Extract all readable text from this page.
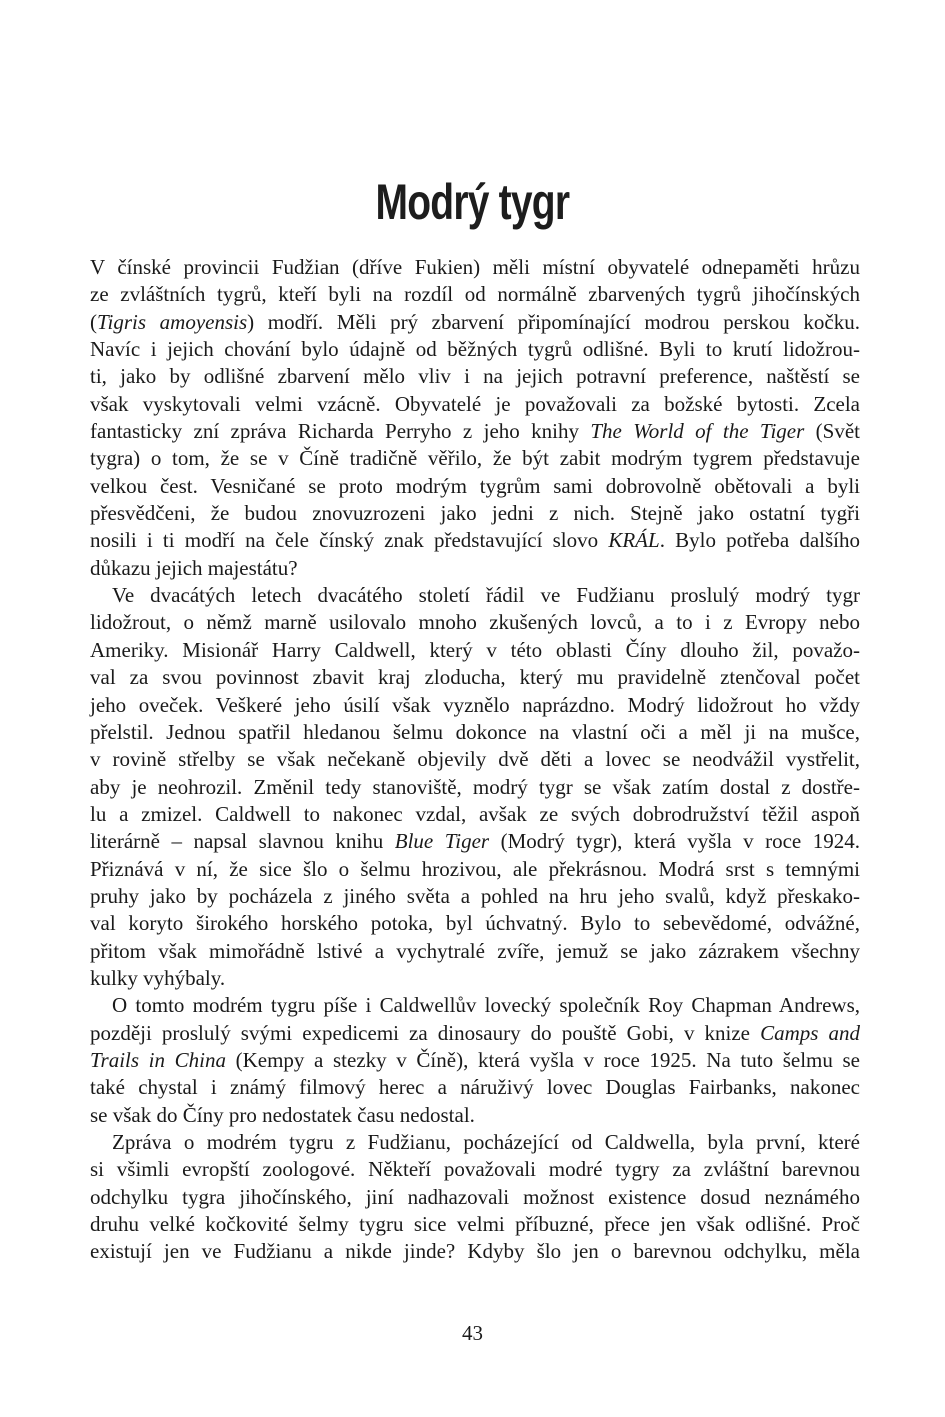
Modrý tygr
V čínské provincii Fudžian (dříve Fukien) měli místní obyvatelé odnepaměti hrůzu
ze zvláštních tygrů, kteří byli na rozdíl od normálně zbarvených tygrů jihočínských
(Tigris amoyensis) modří. Měli prý zbarvení připomínající modrou perskou kočku.
Navíc i jejich chování bylo údajně od běžných tygrů odlišné. Byli to krutí lidožrou-
ti, jako by odlišné zbarvení mělo vliv i na jejich potravní preference, naštěstí se
však vyskytovali velmi vzácně. Obyvatelé je považovali za božské bytosti. Zcela
fantasticky zní zpráva Richarda Perryho z jeho knihy The World of the Tiger (Svět
tygra) o tom, že se v Číně tradičně věřilo, že být zabit modrým tygrem představuje
velkou čest. Vesničané se proto modrým tygrům sami dobrovolně obětovali a byli
přesvědčeni, že budou znovuzrozeni jako jedni z nich. Stejně jako ostatní tygři
nosili i ti modří na čele čínský znak představující slovo KRÁL. Bylo potřeba dalšího
důkazu jejich majestátu?
Ve dvacátých letech dvacátého století řádil ve Fudžianu proslulý modrý tygr
lidožrout, o němž marně usilovalo mnoho zkušených lovců, a to i z Evropy nebo
Ameriky. Misionář Harry Caldwell, který v této oblasti Číny dlouho žil, považo-
val za svou povinnost zbavit kraj zloducha, který mu pravidelně ztenčoval počet
jeho oveček. Veškeré jeho úsilí však vyznělo naprázdno. Modrý lidožrout ho vždy
přelstil. Jednou spatřil hledanou šelmu dokonce na vlastní oči a měl ji na mušce,
v rovině střelby se však nečekaně objevily dvě děti a lovec se neodvážil vystřelit,
aby je neohrozil. Změnil tedy stanoviště, modrý tygr se však zatím dostal z dostře-
lu a zmizel. Caldwell to nakonec vzdal, avšak ze svých dobrodružství těžil aspoň
literárně – napsal slavnou knihu Blue Tiger (Modrý tygr), která vyšla v roce 1924.
Přiznává v ní, že sice šlo o šelmu hrozivou, ale překrásnou. Modrá srst s temnými
pruhy jako by pocházela z jiného světa a pohled na hru jeho svalů, když přeskako-
val koryto širokého horského potoka, byl úchvatný. Bylo to sebevědomé, odvážné,
přitom však mimořádně lstivé a vychytralé zvíře, jemuž se jako zázrakem všechny
kulky vyhýbaly.
O tomto modrém tygru píše i Caldwellův lovecký společník Roy Chapman Andrews,
později proslulý svými expedicemi za dinosaury do pouště Gobi, v knize Camps and
Trails in China (Kempy a stezky v Číně), která vyšla v roce 1925. Na tuto šelmu se
také chystal i známý filmový herec a náruživý lovec Douglas Fairbanks, nakonec
se však do Číny pro nedostatek času nedostal.
Zpráva o modrém tygru z Fudžianu, pocházející od Caldwella, byla první, které
si všimli evropští zoologové. Někteří považovali modré tygry za zvláštní barevnou
odchylku tygra jihočínského, jiní nadhazovali možnost existence dosud neznámého
druhu velké kočkovité šelmy tygru sice velmi příbuzné, přece jen však odlišné. Proč
existují jen ve Fudžianu a nikde jinde? Kdyby šlo jen o barevnou odchylku, měla
43
